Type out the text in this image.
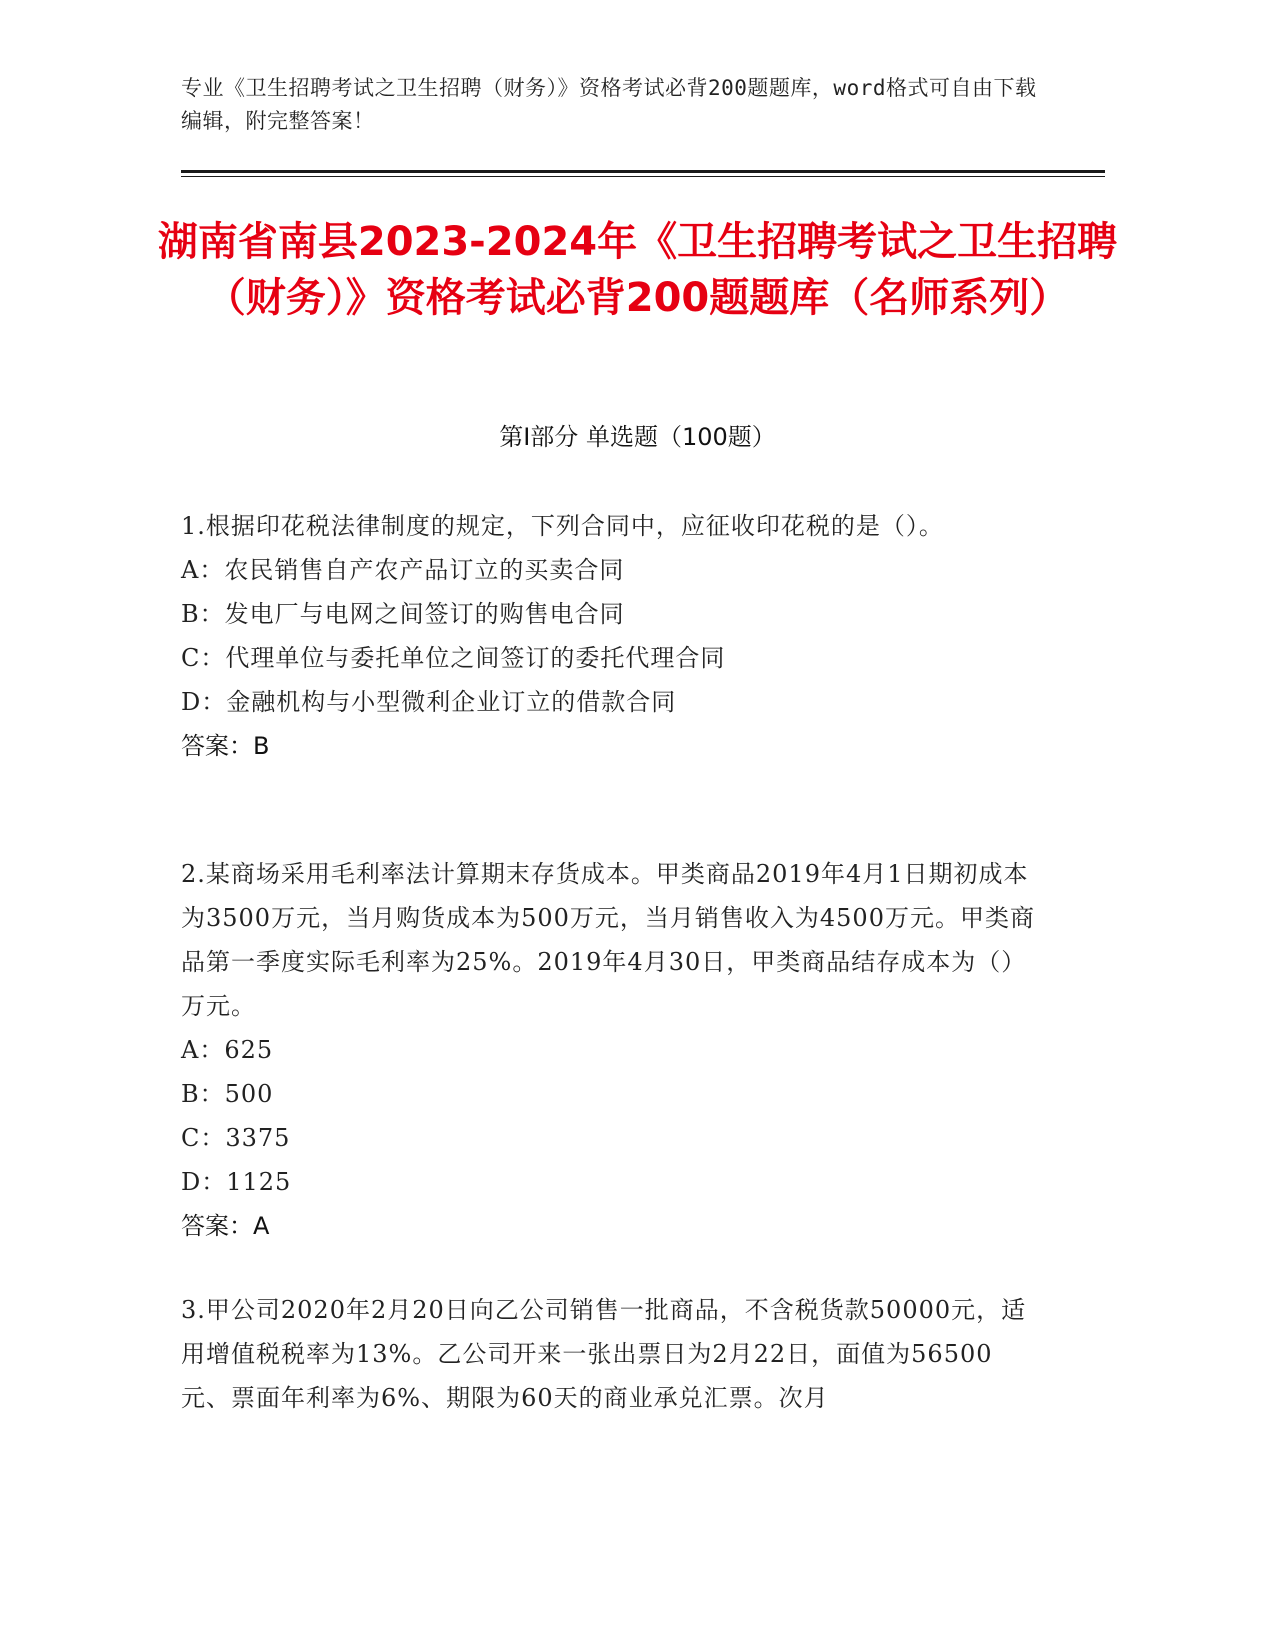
专业《卫生招聘考试之卫生招聘（财务）》资格考试必背200题题库，word格式可自由下载编辑，附完整答案！
湖南省南县2023-2024年《卫生招聘考试之卫生招聘（财务）》资格考试必背200题题库（名师系列）
第I部分 单选题（100题）

1.根据印花税法律制度的规定，下列合同中，应征收印花税的是（）。

A：农民销售自产农产品订立的买卖合同

B：发电厂与电网之间签订的购售电合同

C：代理单位与委托单位之间签订的委托代理合同

D：金融机构与小型微利企业订立的借款合同

答案：B

2.某商场采用毛利率法计算期末存货成本。甲类商品2019年4月1日期初成本为3500万元，当月购货成本为500万元，当月销售收入为4500万元。甲类商品第一季度实际毛利率为25%。2019年4月30日，甲类商品结存成本为（）万元。

A：625

B：500

C：3375

D：1125

答案：A

3.甲公司2020年2月20日向乙公司销售一批商品，不含税货款50000元，适用增值税税率为13%。乙公司开来一张出票日为2月22日，面值为56500元、票面年利率为6%、期限为60天的商业承兑汇票。次月
